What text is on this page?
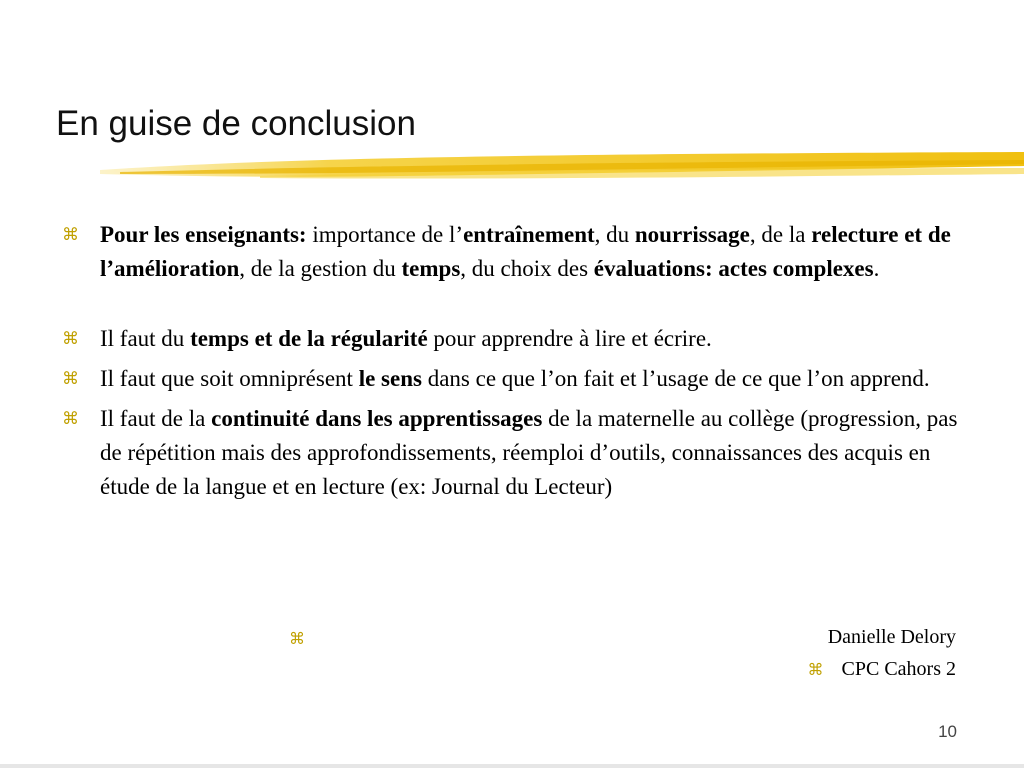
En guise de conclusion
⌘ Pour les enseignants: importance de l’entraînement, du nourrissage, de la relecture et de l’amélioration, de la gestion du temps, du choix des évaluations: actes complexes.
⌘ Il faut du temps et de la régularité pour apprendre à lire et écrire.
⌘ Il faut que soit omniprésent le sens dans ce que l’on fait et l’usage de ce que l’on apprend.
⌘ Il faut de la continuité dans les apprentissages de la maternelle au collège (progression, pas de répétition mais des approfondissements, réemploi d’outils, connaissances des acquis en étude de la langue et en lecture (ex: Journal du Lecteur)
⌘	Danielle Delory
⌘ CPC Cahors 2
10
